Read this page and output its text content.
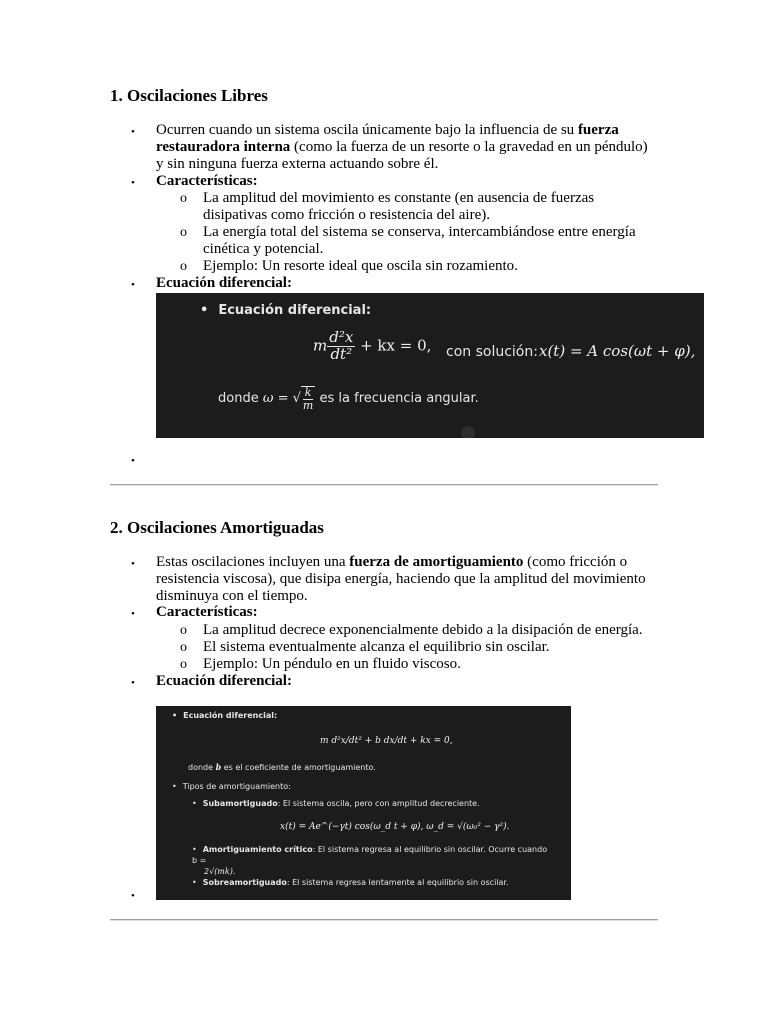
1. Oscilaciones Libres
• Ocurren cuando un sistema oscila únicamente bajo la influencia de su fuerza restauradora interna (como la fuerza de un resorte o la gravedad en un péndulo) y sin ninguna fuerza externa actuando sobre él.
• Características:
o La amplitud del movimiento es constante (en ausencia de fuerzas disipativas como fricción o resistencia del aire).
o La energía total del sistema se conserva, intercambiándose entre energía cinética y potencial.
o Ejemplo: Un resorte ideal que oscila sin rozamiento.
• Ecuación diferencial:
• Ecuación diferencial:
m $\frac{\text{d²x}}{\text{dt²}}$ + kx = 0, con solución: x(t) = A cos(ωt + φ),
donde ω = √ $\frac{k}{m}$ es la frecuencia angular.
•
2. Oscilaciones Amortiguadas
• Estas oscilaciones incluyen una fuerza de amortiguamiento (como fricción o resistencia viscosa), que disipa energía, haciendo que la amplitud del movimiento disminuya con el tiempo.
• Características:
o La amplitud decrece exponencialmente debido a la disipación de energía.
o El sistema eventualmente alcanza el equilibrio sin oscilar.
o Ejemplo: Un péndulo en un fluido viscoso.
• Ecuación diferencial:
• Ecuación diferencial:
m d²x/dt² + b dx/dt + kx = 0,
donde b es el coeficiente de amortiguamiento.
• Tipos de amortiguamiento:
• Subamortiguado: El sistema oscila, pero con amplitud decreciente.
x(t) = Ae^(−γt) cos(ω_d t + φ), ω_d = √(ω₀² − γ²).
• Amortiguamiento crítico: El sistema regresa al equilibrio sin oscilar. Ocurre cuando b =
2√(mk).
• Sobreamortiguado: El sistema regresa lentamente al equilibrio sin oscilar.
•
